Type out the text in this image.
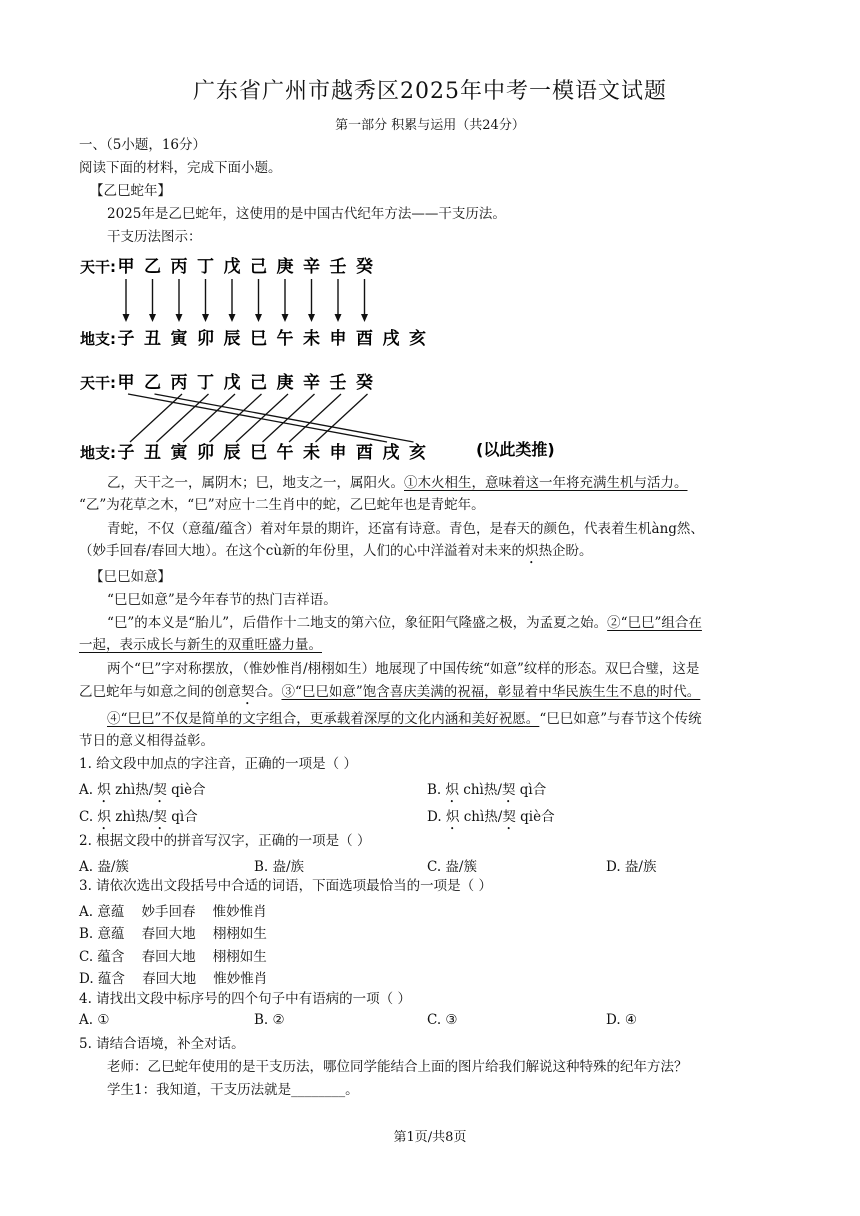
广东省广州市越秀区2025年中考一模语文试题
第一部分 积累与运用（共24分）
一、（5小题，16分）
阅读下面的材料，完成下面小题。
【乙巳蛇年】
2025年是乙巳蛇年，这使用的是中国古代纪年方法——干支历法。
干支历法图示：
天干:
地支:
甲 乙 丙 丁 戊 己 庚 辛 壬 癸
子 丑 寅 卯 辰 巳 午 未 申 酉 戌 亥
天干:
地支:
甲 乙 丙 丁 戊 己 庚 辛 壬 癸
子 丑 寅 卯 辰 巳 午 未 申 酉 戌 亥	(以此类推)
乙，天干之一，属阴木；巳，地支之一，属阳火。①木火相生，意味着这一年将充满生机与活力。
“乙”为花草之木，“巳”对应十二生肖中的蛇，乙巳蛇年也是青蛇年。
青蛇，不仅（意蕴/蕴含）着对年景的期许，还富有诗意。青色，是春天的颜色，代表着生机àng然、
（妙手回春/春回大地）。在这个cù新的年份里，人们的心中洋溢着对未来的炽热企盼。
【巳巳如意】
“巳巳如意”是今年春节的热门吉祥语。
“巳”的本义是“胎儿”，后借作十二地支的第六位，象征阳气隆盛之极，为孟夏之始。②“巳巳”组合在
一起，表示成长与新生的双重旺盛力量。
两个“巳”字对称摆放，（惟妙惟肖/栩栩如生）地展现了中国传统“如意”纹样的形态。双巳合璧，这是
乙巳蛇年与如意之间的创意契合。③“巳巳如意”饱含喜庆美满的祝福，彰显着中华民族生生不息的时代。
④“巳巳”不仅是简单的文字组合，更承载着深厚的文化内涵和美好祝愿。“巳巳如意”与春节这个传统
节日的意义相得益彰。
1. 给文段中加点的字注音，正确的一项是（ ）
A. 炽 zhì热/契 qiè合	B. 炽 chì热/契 qì合
C. 炽 zhì热/契 qì合	D. 炽 chì热/契 qiè合
2. 根据文段中的拼音写汉字，正确的一项是（ ）
A. 盎/簇	B. 盎/族	C. 盎/簇	D. 盎/族
3. 请依次选出文段括号中合适的词语，下面选项最恰当的一项是（ ）
A. 意蕴    妙手回春    惟妙惟肖
B. 意蕴    春回大地    栩栩如生
C. 蕴含    春回大地    栩栩如生
D. 蕴含    春回大地    惟妙惟肖
4. 请找出文段中标序号的四个句子中有语病的一项（ ）
A. ①	B. ②	C. ③	D. ④
5. 请结合语境，补全对话。
老师：乙巳蛇年使用的是干支历法，哪位同学能结合上面的图片给我们解说这种特殊的纪年方法？
学生1：我知道，干支历法就是________。
第1页/共8页
